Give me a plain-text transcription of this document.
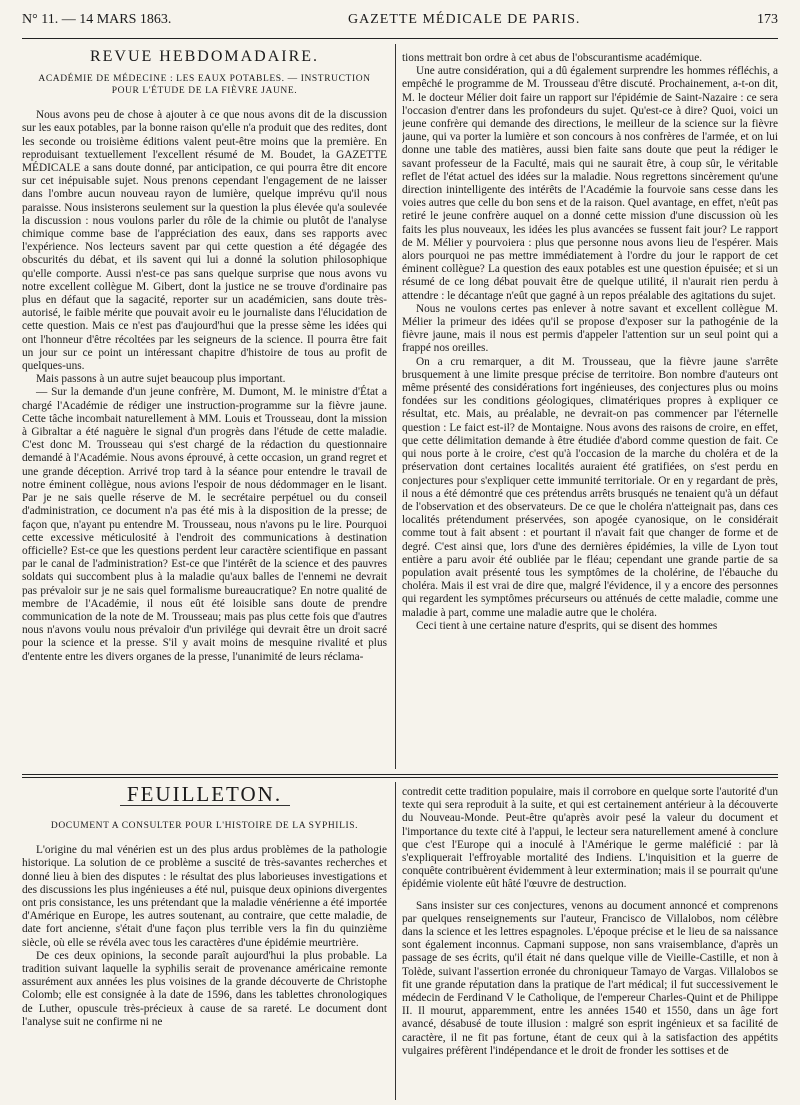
N° 11. — 14 MARS 1863.	GAZETTE MÉDICALE DE PARIS.	173
REVUE HEBDOMADAIRE.
ACADÉMIE DE MÉDECINE : LES EAUX POTABLES. — INSTRUCTION POUR L'ÉTUDE DE LA FIÈVRE JAUNE.

Nous avons peu de chose à ajouter à ce que nous avons dit de la discussion sur les eaux potables, par la bonne raison qu'elle n'a produit que des redites, dont les seconde ou troisième éditions valent peut-être moins que la première. En reproduisant textuellement l'excellent résumé de M. Boudet, la GAZETTE MÉDICALE a sans doute donné, par anticipation, ce qui pourra être dit encore sur cet inépuisable sujet. Nous prenons cependant l'engagement de ne laisser dans l'ombre aucun nouveau rayon de lumière, quelque imprévu qu'il nous paraisse. Nous insisterons seulement sur la question la plus élevée qu'a soulevée la discussion : nous voulons parler du rôle de la chimie ou plutôt de l'analyse chimique comme base de l'appréciation des eaux, dans ses rapports avec l'expérience. Nos lecteurs savent par qui cette question a été dégagée des obscurités du débat, et ils savent qui lui a donné la solution philosophique qu'elle comporte. Aussi n'est-ce pas sans quelque surprise que nous avons vu notre excellent collègue M. Gibert, dont la justice ne se trouve d'ordinaire pas plus en défaut que la sagacité, reporter sur un académicien, sans doute très-autorisé, le faible mérite que pouvait avoir eu le journaliste dans l'élucidation de cette question. Mais ce n'est pas d'aujourd'hui que la presse sème les idées qui ont l'honneur d'être récoltées par les seigneurs de la science. Il pourra être fait un jour sur ce point un intéressant chapitre d'histoire de tous au profit de quelques-uns.

Mais passons à un autre sujet beaucoup plus important.

— Sur la demande d'un jeune confrère, M. Dumont, M. le ministre d'État a chargé l'Académie de rédiger une instruction-programme sur la fièvre jaune. Cette tâche incombait naturellement à MM. Louis et Trousseau, dont la mission à Gibraltar a été naguère le signal d'un progrès dans l'étude de cette maladie. C'est donc M. Trousseau qui s'est chargé de la rédaction du questionnaire demandé à l'Académie. Nous avons éprouvé, à cette occasion, un grand regret et une grande déception. Arrivé trop tard à la séance pour entendre le travail de notre éminent collègue, nous avions l'espoir de nous dédommager en le lisant. Par je ne sais quelle réserve de M. le secrétaire perpétuel ou du conseil d'administration, ce document n'a pas été mis à la disposition de la presse; de façon que, n'ayant pu entendre M. Trousseau, nous n'avons pu le lire. Pourquoi cette excessive méticulosité à l'endroit des communications à destination officielle? Est-ce que les questions perdent leur caractère scientifique en passant par le canal de l'administration? Est-ce que l'intérêt de la science et des pauvres soldats qui succombent plus à la maladie qu'aux balles de l'ennemi ne devrait pas prévaloir sur je ne sais quel formalisme bureaucratique? En notre qualité de membre de l'Académie, il nous eût été loisible sans doute de prendre communication de la note de M. Trousseau; mais pas plus cette fois que d'autres nous n'avons voulu nous prévaloir d'un privilége qui devrait être un droit sacré pour la science et la presse. S'il y avait moins de mesquine rivalité et plus d'entente entre les divers organes de la presse, l'unanimité de leurs réclama-

tions mettrait bon ordre à cet abus de l'obscurantisme académique.

Une autre considération, qui a dû également surprendre les hommes réfléchis, a empêché le programme de M. Trousseau d'être discuté. Prochainement, a-t-on dit, M. le docteur Mélier doit faire un rapport sur l'épidémie de Saint-Nazaire : ce sera l'occasion d'entrer dans les profondeurs du sujet. Qu'est-ce à dire? Quoi, voici un jeune confrère qui demande des directions, le meilleur de la science sur la fièvre jaune, qui va porter la lumière et son concours à nos confrères de l'armée, et on lui donne une table des matières, aussi bien faite sans doute que peut la rédiger le savant professeur de la Faculté, mais qui ne saurait être, à coup sûr, le véritable reflet de l'état actuel des idées sur la maladie. Nous regrettons sincèrement qu'une direction inintelligente des intérêts de l'Académie la fourvoie sans cesse dans les voies autres que celle du bon sens et de la raison. Quel avantage, en effet, n'eût pas retiré le jeune confrère auquel on a donné cette mission d'une discussion où les faits les plus nouveaux, les idées les plus avancées se fussent fait jour? Le rapport de M. Mélier y pourvoiera : plus que personne nous avons lieu de l'espérer. Mais alors pourquoi ne pas mettre immédiatement à l'ordre du jour le rapport de cet éminent collègue? La question des eaux potables est une question épuisée; et si un résumé de ce long débat pouvait être de quelque utilité, il n'aurait rien perdu à attendre : le décantage n'eût que gagné à un repos préalable des agitations du sujet.

Nous ne voulons certes pas enlever à notre savant et excellent collègue M. Mélier la primeur des idées qu'il se propose d'exposer sur la pathogénie de la fièvre jaune, mais il nous est permis d'appeler l'attention sur un seul point qui a frappé nos oreilles.

On a cru remarquer, a dit M. Trousseau, que la fièvre jaune s'arrête brusquement à une limite presque précise de territoire. Bon nombre d'auteurs ont même présenté des considérations fort ingénieuses, des conjectures plus ou moins fondées sur les conditions géologiques, climatériques propres à expliquer ce résultat, etc. Mais, au préalable, ne devrait-on pas commencer par l'éternelle question : Le faict est-il? de Montaigne. Nous avons des raisons de croire, en effet, que cette délimitation demande à être étudiée d'abord comme question de fait. Ce qui nous porte à le croire, c'est qu'à l'occasion de la marche du choléra et de la préservation dont certaines localités auraient été gratifiées, on s'est perdu en conjectures pour s'expliquer cette immunité territoriale. Or en y regardant de près, il nous a été démontré que ces prétendus arrêts brusqués ne tenaient qu'à un défaut de l'observation et des observateurs. De ce que le choléra n'atteignait pas, dans ces localités prétendument préservées, son apogée cyanosique, on le considérait comme tout à fait absent : et pourtant il n'avait fait que changer de forme et de degré. C'est ainsi que, lors d'une des dernières épidémies, la ville de Lyon tout entière a paru avoir été oubliée par le fléau; cependant une grande partie de sa population avait présenté tous les symptômes de la cholérine, de l'ébauche du choléra. Mais il est vrai de dire que, malgré l'évidence, il y a encore des personnes qui regardent les symptômes précurseurs ou atténués de cette maladie, comme une maladie à part, comme une maladie autre que le choléra.

Ceci tient à une certaine nature d'esprits, qui se disent des hommes

FEUILLETON.
DOCUMENT A CONSULTER POUR L'HISTOIRE DE LA SYPHILIS.

L'origine du mal vénérien est un des plus ardus problèmes de la pathologie historique. La solution de ce problème a suscité de très-savantes recherches et donné lieu à bien des disputes : le résultat des plus laborieuses investigations et des discussions les plus ingénieuses a été nul, puisque deux opinions divergentes ont pris consistance, les uns prétendant que la maladie vénérienne a été importée d'Amérique en Europe, les autres soutenant, au contraire, que cette maladie, de date fort ancienne, s'était d'une façon plus terrible vers la fin du quinzième siècle, où elle se révéla avec tous les caractères d'une épidémie meurtrière.

De ces deux opinions, la seconde paraît aujourd'hui la plus probable. La tradition suivant laquelle la syphilis serait de provenance américaine remonte assurément aux années les plus voisines de la grande découverte de Christophe Colomb; elle est consignée à la date de 1596, dans les tablettes chronologiques de Luther, opuscule très-précieux à cause de sa rareté. Le document dont l'analyse suit ne confirme ni ne

contredit cette tradition populaire, mais il corrobore en quelque sorte l'autorité d'un texte qui sera reproduit à la suite, et qui est certainement antérieur à la découverte du Nouveau-Monde. Peut-être qu'après avoir pesé la valeur du document et l'importance du texte cité à l'appui, le lecteur sera naturellement amené à conclure que c'est l'Europe qui a inoculé à l'Amérique le germe maléficié : par là s'expliquerait l'effroyable mortalité des Indiens. L'inquisition et la guerre de conquête contribuèrent évidemment à leur extermination; mais il se pourrait qu'une épidémie violente eût hâté l'œuvre de destruction.

Sans insister sur ces conjectures, venons au document annoncé et comprenons par quelques renseignements sur l'auteur, Francisco de Villalobos, nom célèbre dans la science et les lettres espagnoles. L'époque précise et le lieu de sa naissance sont également inconnus. Capmani suppose, non sans vraisemblance, d'après un passage de ses écrits, qu'il était né dans quelque ville de Vieille-Castille, et non à Tolède, suivant l'assertion erronée du chroniqueur Tamayo de Vargas. Villalobos se fit une grande réputation dans la pratique de l'art médical; il fut successivement le médecin de Ferdinand V le Catholique, de l'empereur Charles-Quint et de Philippe II. Il mourut, apparemment, entre les années 1540 et 1550, dans un âge fort avancé, désabusé de toute illusion : malgré son esprit ingénieux et sa facilité de caractère, il ne fit pas fortune, étant de ceux qui à la satisfaction des appétits vulgaires préfèrent l'indépendance et le droit de fronder les sottises et de
